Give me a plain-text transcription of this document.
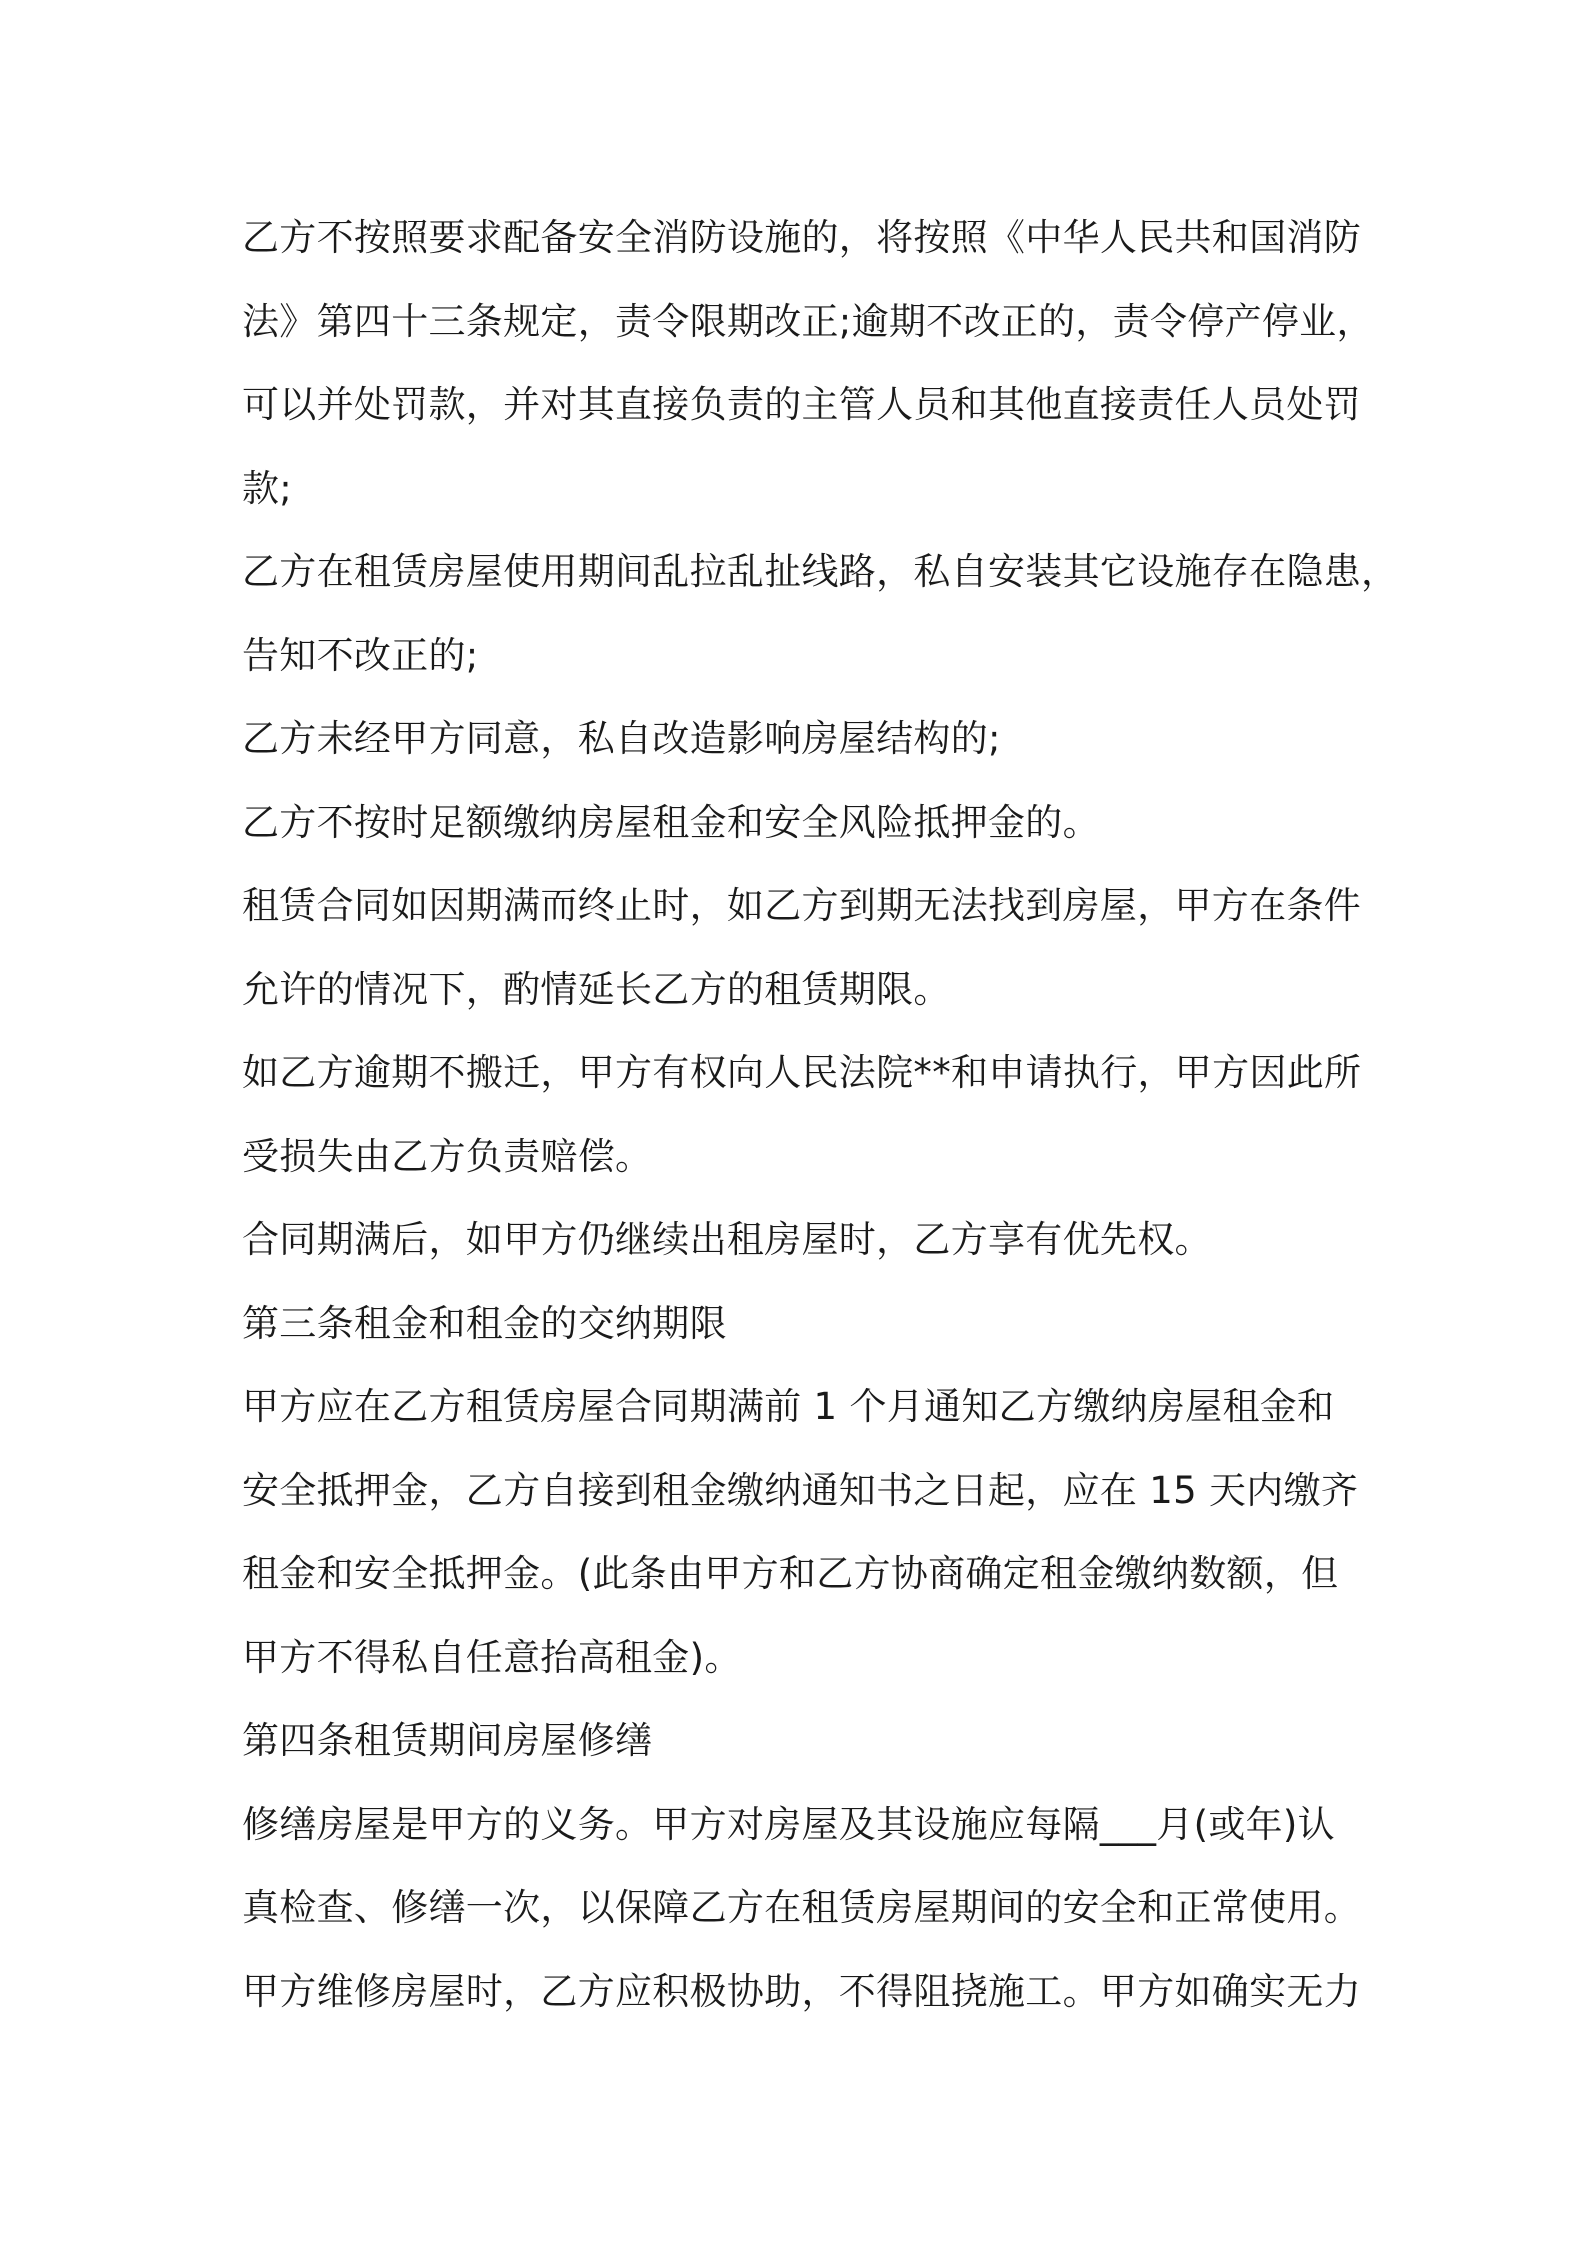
乙方不按照要求配备安全消防设施的，将按照《中华人民共和国消防
法》第四十三条规定，责令限期改正;逾期不改正的，责令停产停业，
可以并处罚款，并对其直接负责的主管人员和其他直接责任人员处罚
款;
乙方在租赁房屋使用期间乱拉乱扯线路，私自安装其它设施存在隐患，
告知不改正的;
乙方未经甲方同意，私自改造影响房屋结构的;
乙方不按时足额缴纳房屋租金和安全风险抵押金的。
租赁合同如因期满而终止时，如乙方到期无法找到房屋，甲方在条件
允许的情况下，酌情延长乙方的租赁期限。
如乙方逾期不搬迁，甲方有权向人民法院**和申请执行，甲方因此所
受损失由乙方负责赔偿。
合同期满后，如甲方仍继续出租房屋时，乙方享有优先权。
第三条租金和租金的交纳期限
甲方应在乙方租赁房屋合同期满前 1 个月通知乙方缴纳房屋租金和
安全抵押金，乙方自接到租金缴纳通知书之日起，应在 15 天内缴齐
租金和安全抵押金。(此条由甲方和乙方协商确定租金缴纳数额，但
甲方不得私自任意抬高租金)。
第四条租赁期间房屋修缮
修缮房屋是甲方的义务。甲方对房屋及其设施应每隔___月(或年)认
真检查、修缮一次，以保障乙方在租赁房屋期间的安全和正常使用。
甲方维修房屋时，乙方应积极协助，不得阻挠施工。甲方如确实无力
